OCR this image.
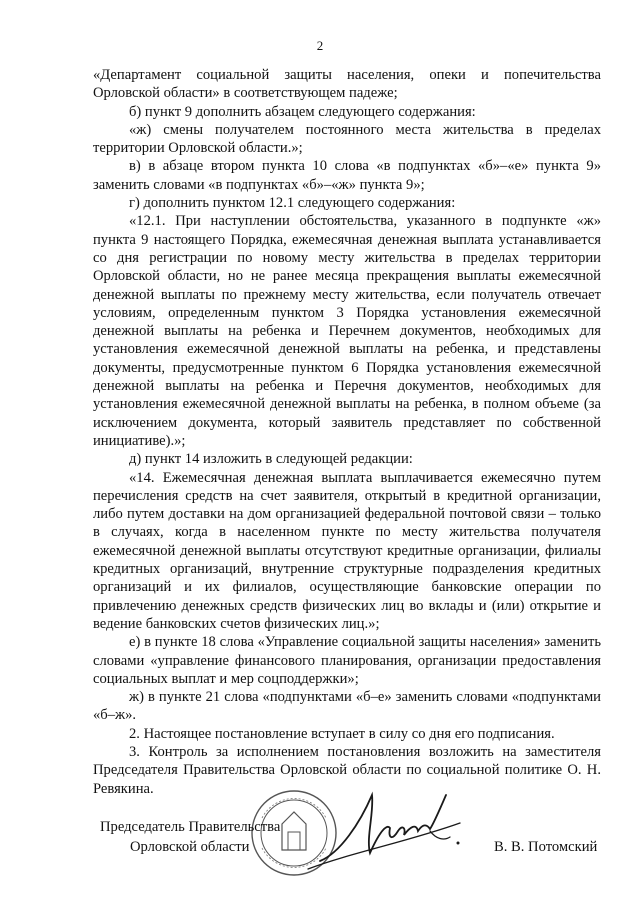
2

«Департамент социальной защиты населения, опеки и попечительства Орловской области» в соответствующем падеже;

б) пункт 9 дополнить абзацем следующего содержания:

«ж) смены получателем постоянного места жительства в пределах территории Орловской области.»;

в) в абзаце втором пункта 10 слова «в подпунктах «б»–«е» пункта 9» заменить словами «в подпунктах «б»–«ж» пункта 9»;

г) дополнить пунктом 12.1 следующего содержания:

«12.1. При наступлении обстоятельства, указанного в подпункте «ж» пункта 9 настоящего Порядка, ежемесячная денежная выплата устанавливается со дня регистрации по новому месту жительства в пределах территории Орловской области, но не ранее месяца прекращения выплаты ежемесячной денежной выплаты по прежнему месту жительства, если получатель отвечает условиям, определенным пунктом 3 Порядка установления ежемесячной денежной выплаты на ребенка и Перечнем документов, необходимых для установления ежемесячной денежной выплаты на ребенка, и представлены документы, предусмотренные пунктом 6 Порядка установления ежемесячной денежной выплаты на ребенка и Перечня документов, необходимых для установления ежемесячной денежной выплаты на ребенка, в полном объеме (за исключением документа, который заявитель представляет по собственной инициативе).»;

д) пункт 14 изложить в следующей редакции:

«14. Ежемесячная денежная выплата выплачивается ежемесячно путем перечисления средств на счет заявителя, открытый в кредитной организации, либо путем доставки на дом организацией федеральной почтовой связи – только в случаях, когда в населенном пункте по месту жительства получателя ежемесячной денежной выплаты отсутствуют кредитные организации, филиалы кредитных организаций, внутренние структурные подразделения кредитных организаций и их филиалов, осуществляющие банковские операции по привлечению денежных средств физических лиц во вклады и (или) открытие и ведение банковских счетов физических лиц.»;

е) в пункте 18 слова «Управление социальной защиты населения» заменить словами «управление финансового планирования, организации предоставления социальных выплат и мер соцподдержки»;

ж) в пункте 21 слова «подпунктами «б–е» заменить словами «подпунктами «б–ж».

2. Настоящее постановление вступает в силу со дня его подписания.

3. Контроль за исполнением постановления возложить на заместителя Председателя Правительства Орловской области по социальной политике О. Н. Ревякина.

Председатель Правительства
Орловской области	В. В. Потомский
